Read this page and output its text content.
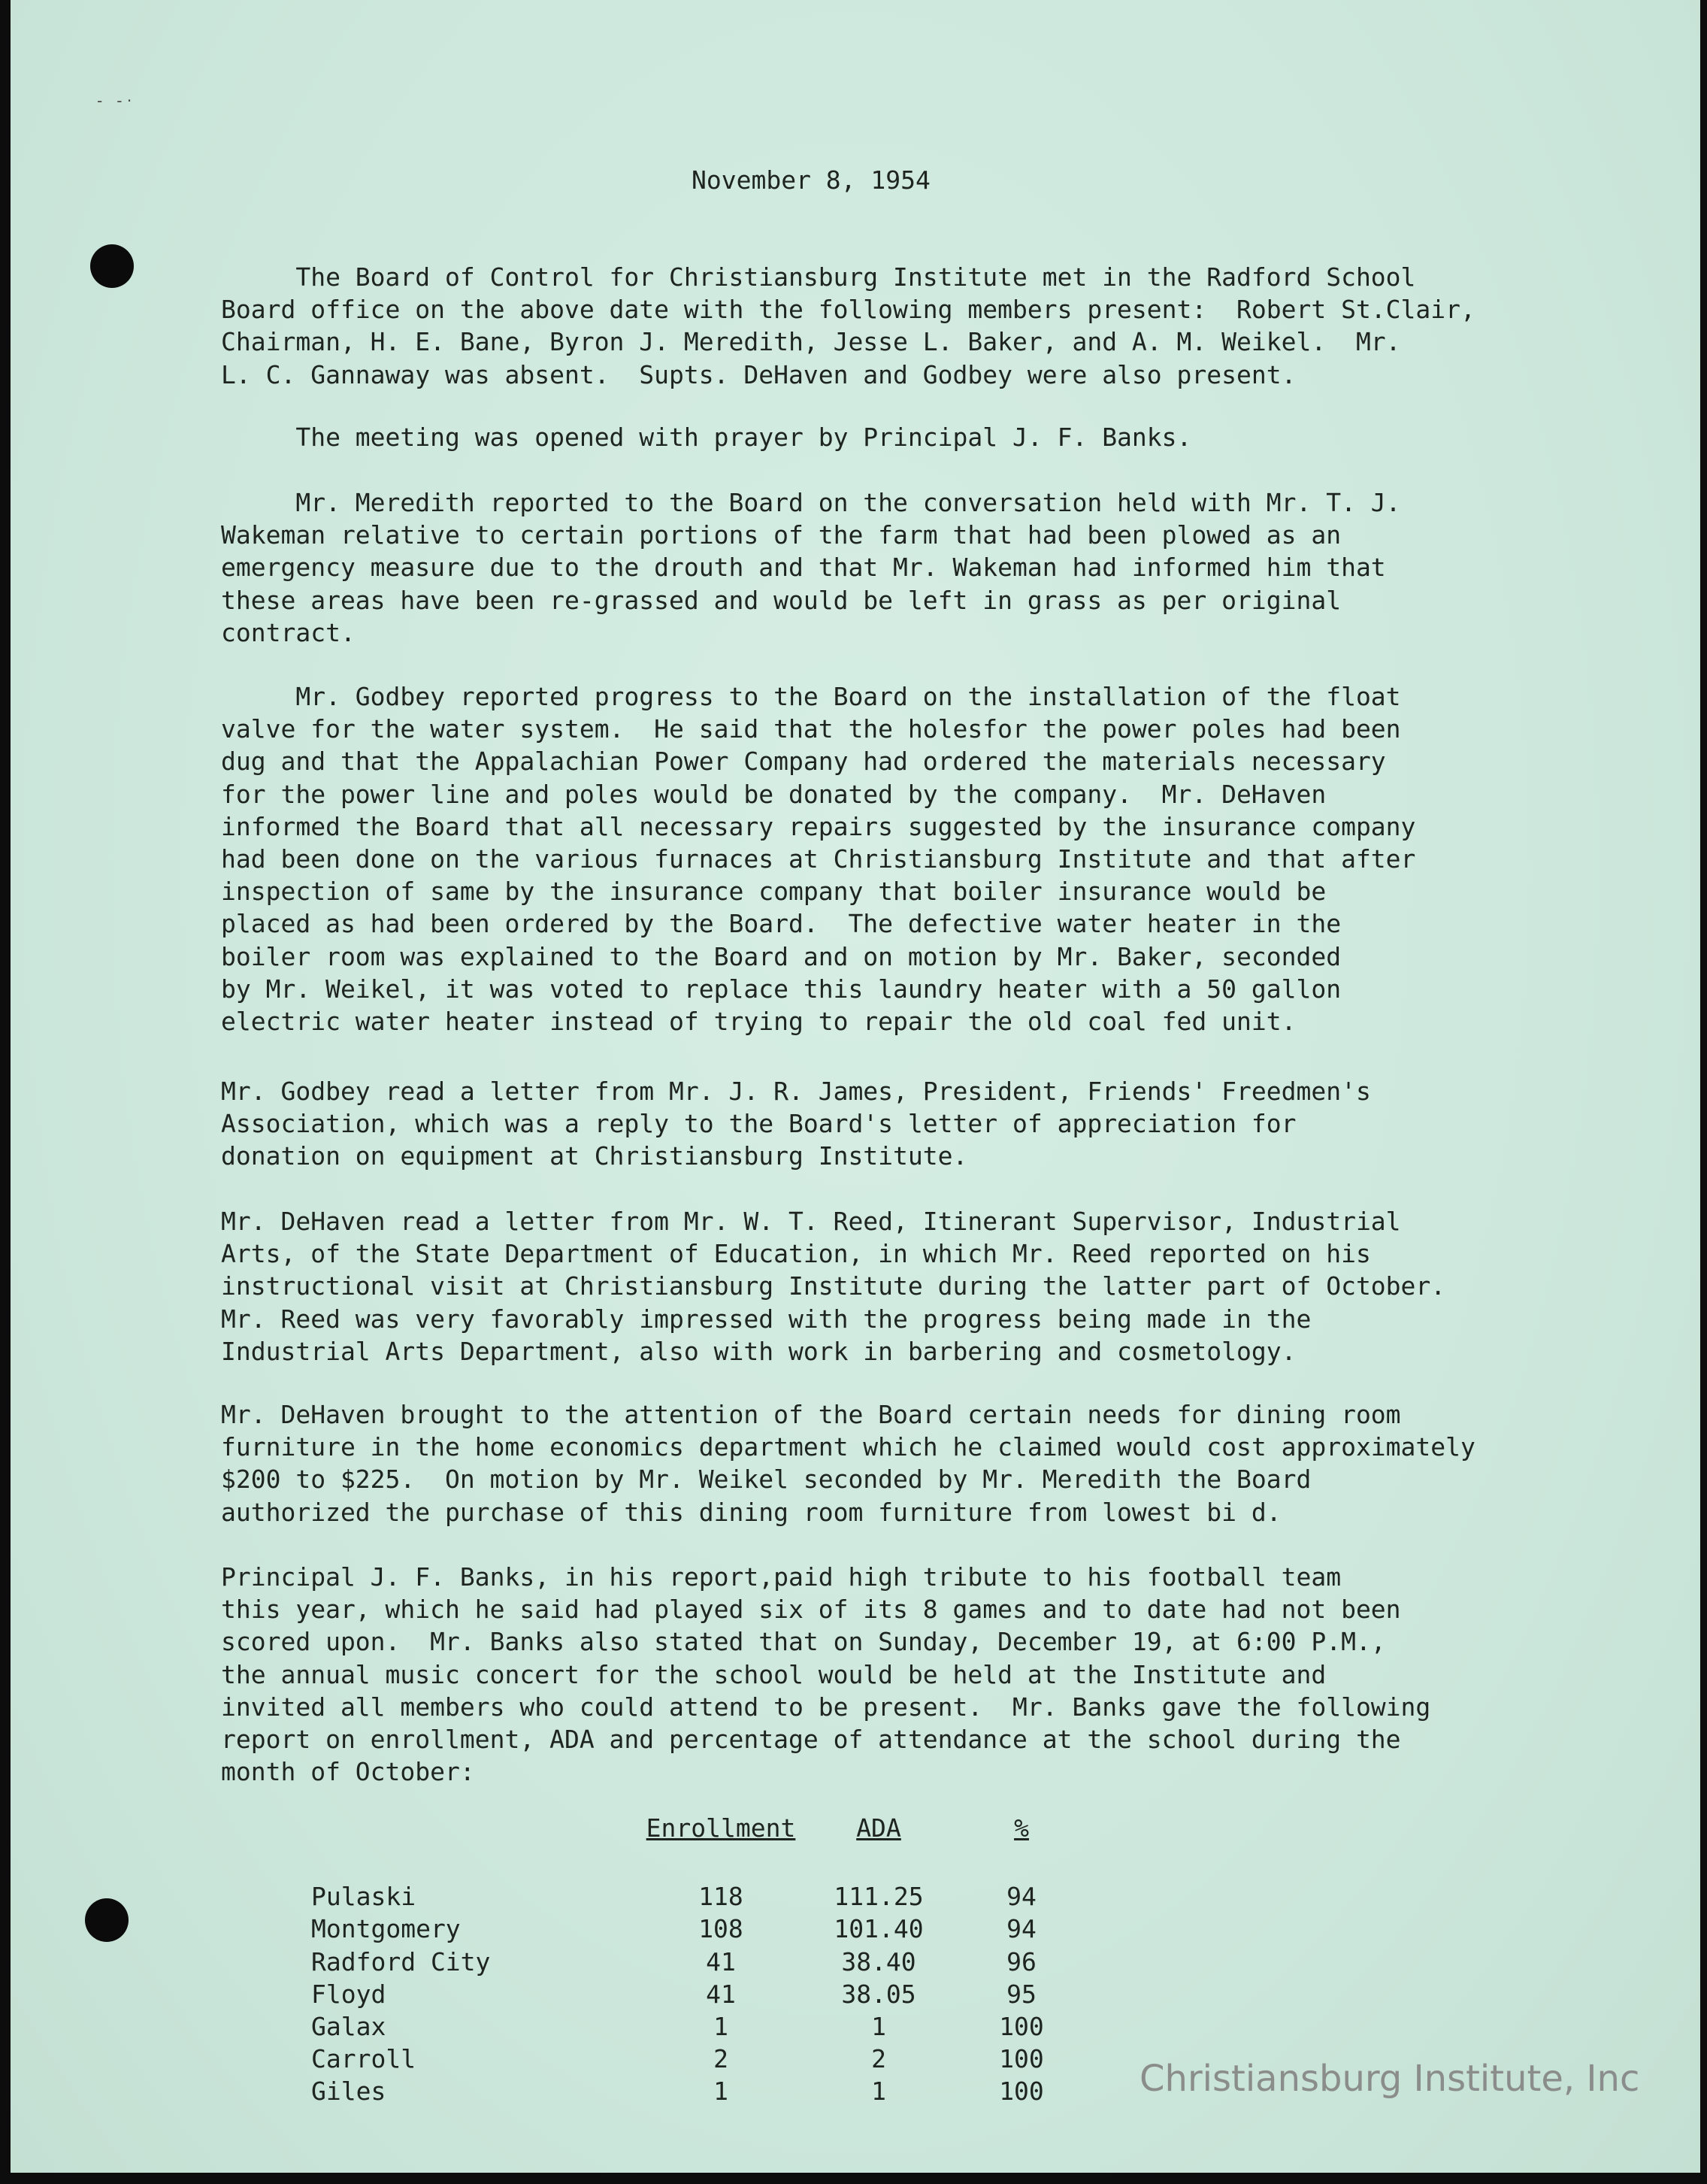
-   - ·
November 8, 1954
The Board of Control for Christiansburg Institute met in the Radford School
Board office on the above date with the following members present:  Robert St.Clair,
Chairman, H. E. Bane, Byron J. Meredith, Jesse L. Baker, and A. M. Weikel.  Mr.
L. C. Gannaway was absent.  Supts. DeHaven and Godbey were also present.
The meeting was opened with prayer by Principal J. F. Banks.
Mr. Meredith reported to the Board on the conversation held with Mr. T. J.
Wakeman relative to certain portions of the farm that had been plowed as an
emergency measure due to the drouth and that Mr. Wakeman had informed him that
these areas have been re-grassed and would be left in grass as per original
contract.
Mr. Godbey reported progress to the Board on the installation of the float
valve for the water system.  He said that the holesfor the power poles had been
dug and that the Appalachian Power Company had ordered the materials necessary
for the power line and poles would be donated by the company.  Mr. DeHaven
informed the Board that all necessary repairs suggested by the insurance company
had been done on the various furnaces at Christiansburg Institute and that after
inspection of same by the insurance company that boiler insurance would be
placed as had been ordered by the Board.  The defective water heater in the
boiler room was explained to the Board and on motion by Mr. Baker, seconded
by Mr. Weikel, it was voted to replace this laundry heater with a 50 gallon
electric water heater instead of trying to repair the old coal fed unit.
Mr. Godbey read a letter from Mr. J. R. James, President, Friends' Freedmen's
Association, which was a reply to the Board's letter of appreciation for
donation on equipment at Christiansburg Institute.
Mr. DeHaven read a letter from Mr. W. T. Reed, Itinerant Supervisor, Industrial
Arts, of the State Department of Education, in which Mr. Reed reported on his
instructional visit at Christiansburg Institute during the latter part of October.
Mr. Reed was very favorably impressed with the progress being made in the
Industrial Arts Department, also with work in barbering and cosmetology.
Mr. DeHaven brought to the attention of the Board certain needs for dining room
furniture in the home economics department which he claimed would cost approximately
$200 to $225.  On motion by Mr. Weikel seconded by Mr. Meredith the Board
authorized the purchase of this dining room furniture from lowest bi d.
Principal J. F. Banks, in his report,paid high tribute to his football team
this year, which he said had played six of its 8 games and to date had not been
scored upon.  Mr. Banks also stated that on Sunday, December 19, at 6:00 P.M.,
the annual music concert for the school would be held at the Institute and
invited all members who could attend to be present.  Mr. Banks gave the following
report on enrollment, ADA and percentage of attendance at the school during the
month of October:
	Enrollment	ADA	%
Pulaski	118	111.25	94
Montgomery	108	101.40	94
Radford City	41	38.40	96
Floyd	41	38.05	95
Galax	1	1	100
Carroll	2	2	100
Giles	1	1	100	Christiansburg Institute, Inc
